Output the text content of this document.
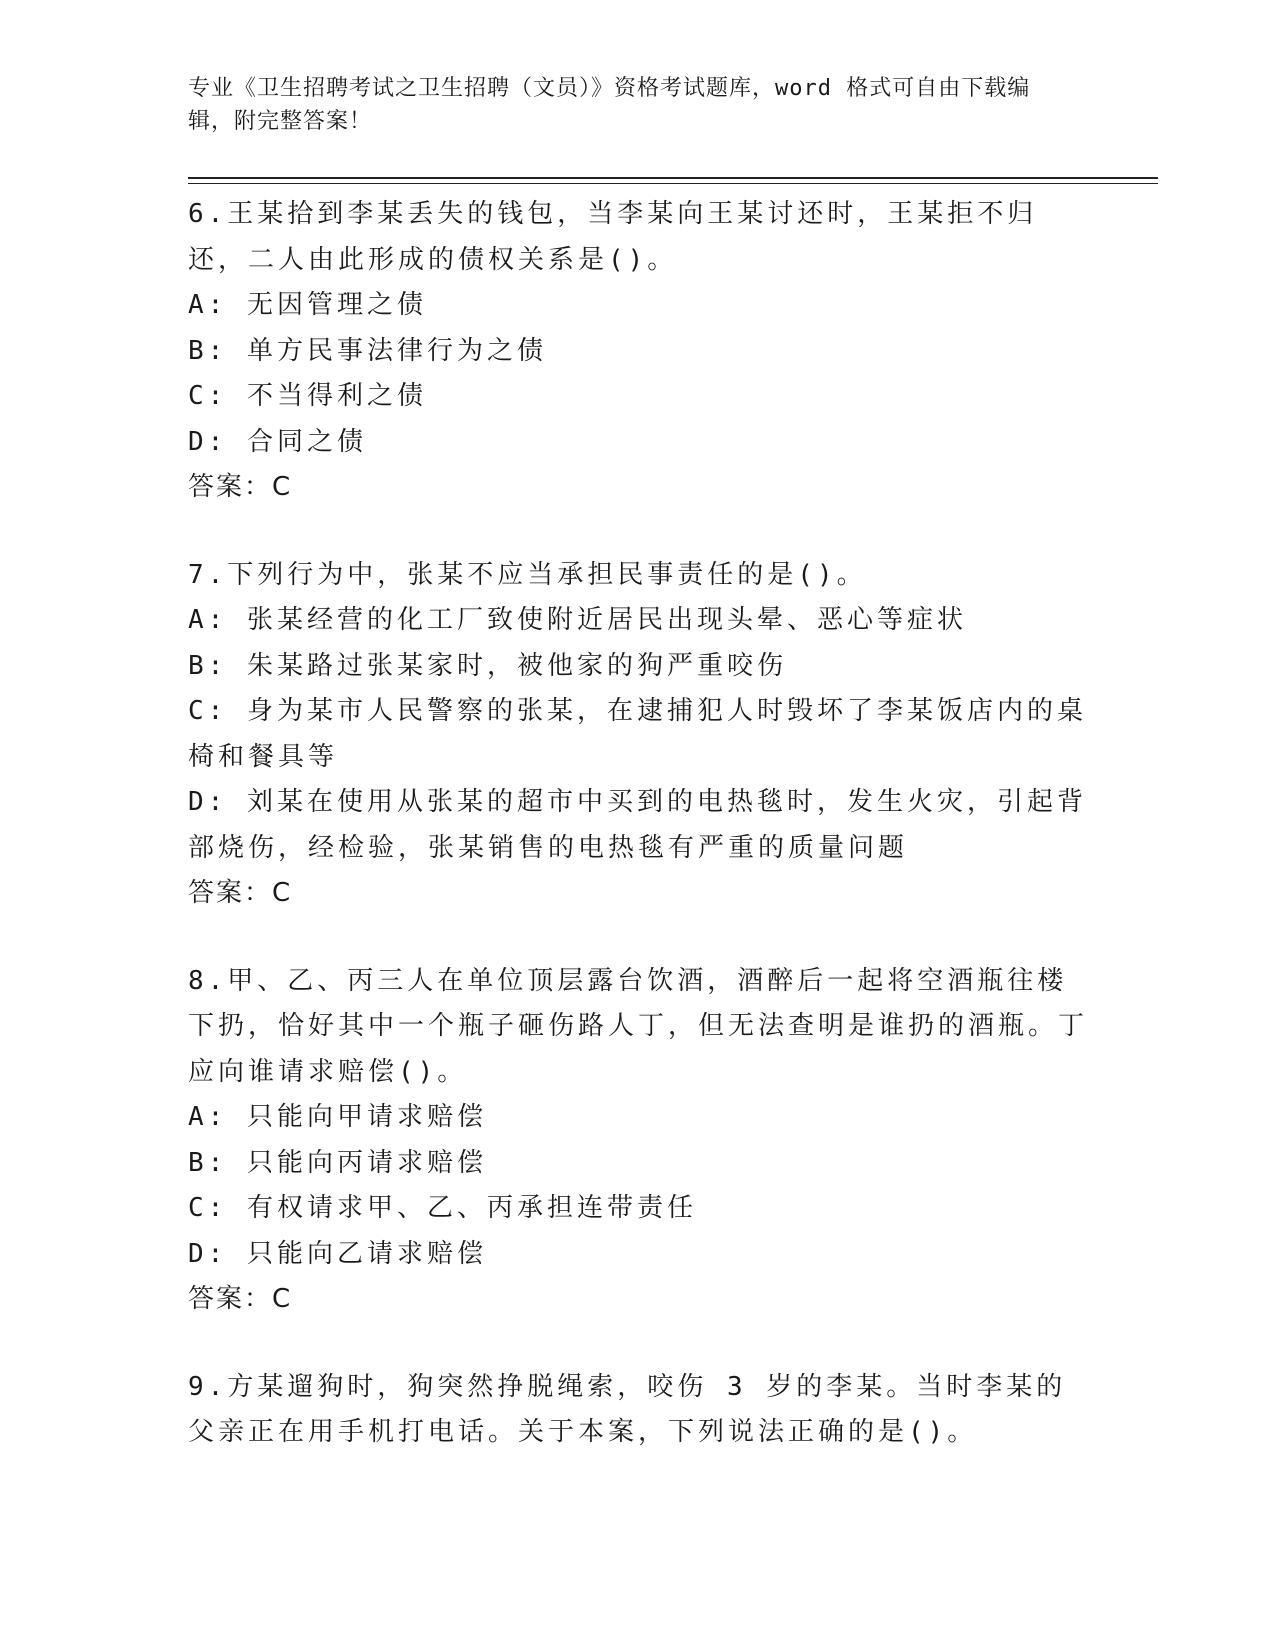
专业《卫生招聘考试之卫生招聘（文员）》资格考试题库，word 格式可自由下载编辑，附完整答案！
6.王某拾到李某丢失的钱包，当李某向王某讨还时，王某拒不归还，二人由此形成的债权关系是()。
A: 无因管理之债
B: 单方民事法律行为之债
C: 不当得利之债
D: 合同之债
答案：C
7.下列行为中，张某不应当承担民事责任的是()。
A: 张某经营的化工厂致使附近居民出现头晕、恶心等症状
B: 朱某路过张某家时，被他家的狗严重咬伤
C: 身为某市人民警察的张某，在逮捕犯人时毁坏了李某饭店内的桌椅和餐具等
D: 刘某在使用从张某的超市中买到的电热毯时，发生火灾，引起背部烧伤，经检验，张某销售的电热毯有严重的质量问题
答案：C
8.甲、乙、丙三人在单位顶层露台饮酒，酒醉后一起将空酒瓶往楼下扔，恰好其中一个瓶子砸伤路人丁，但无法查明是谁扔的酒瓶。丁应向谁请求赔偿()。
A: 只能向甲请求赔偿
B: 只能向丙请求赔偿
C: 有权请求甲、乙、丙承担连带责任
D: 只能向乙请求赔偿
答案：C
9.方某遛狗时，狗突然挣脱绳索，咬伤 3 岁的李某。当时李某的父亲正在用手机打电话。关于本案，下列说法正确的是()。
